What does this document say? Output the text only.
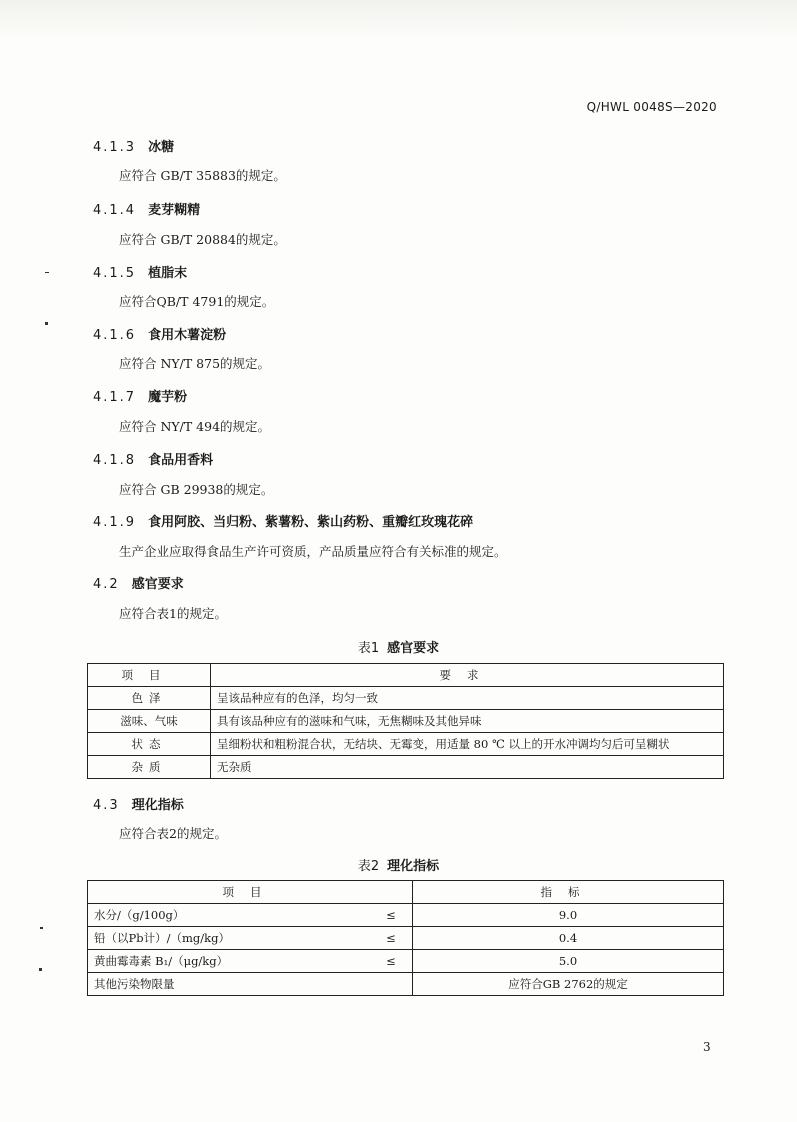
Q/HWL 0048S—2020
4.1.3 冰糖
应符合 GB/T 35883的规定。
4.1.4 麦芽糊精
应符合 GB/T 20884的规定。
4.1.5 植脂末
应符合QB/T 4791的规定。
4.1.6 食用木薯淀粉
应符合 NY/T 875的规定。
4.1.7 魔芋粉
应符合 NY/T 494的规定。
4.1.8 食品用香料
应符合 GB 29938的规定。
4.1.9 食用阿胶、当归粉、紫薯粉、紫山药粉、重瓣红玫瑰花碎
生产企业应取得食品生产许可资质，产品质量应符合有关标准的规定。
4.2 感官要求
应符合表1的规定。
表1 感官要求
项目	要求
色泽	呈该品种应有的色泽，均匀一致
滋味、气味	具有该品种应有的滋味和气味，无焦糊味及其他异味
状态	呈细粉状和粗粉混合状，无结块、无霉变，用适量 80 ℃ 以上的开水冲调均匀后可呈糊状
杂质	无杂质
4.3 理化指标
应符合表2的规定。
表2 理化指标
项目		指标
水分/（g/100g）	≤	9.0
铅（以Pb计）/（mg/kg）	≤	0.4
黄曲霉毒素 B₁/（μg/kg）	≤	5.0
其他污染物限量		应符合GB 2762的规定
3
